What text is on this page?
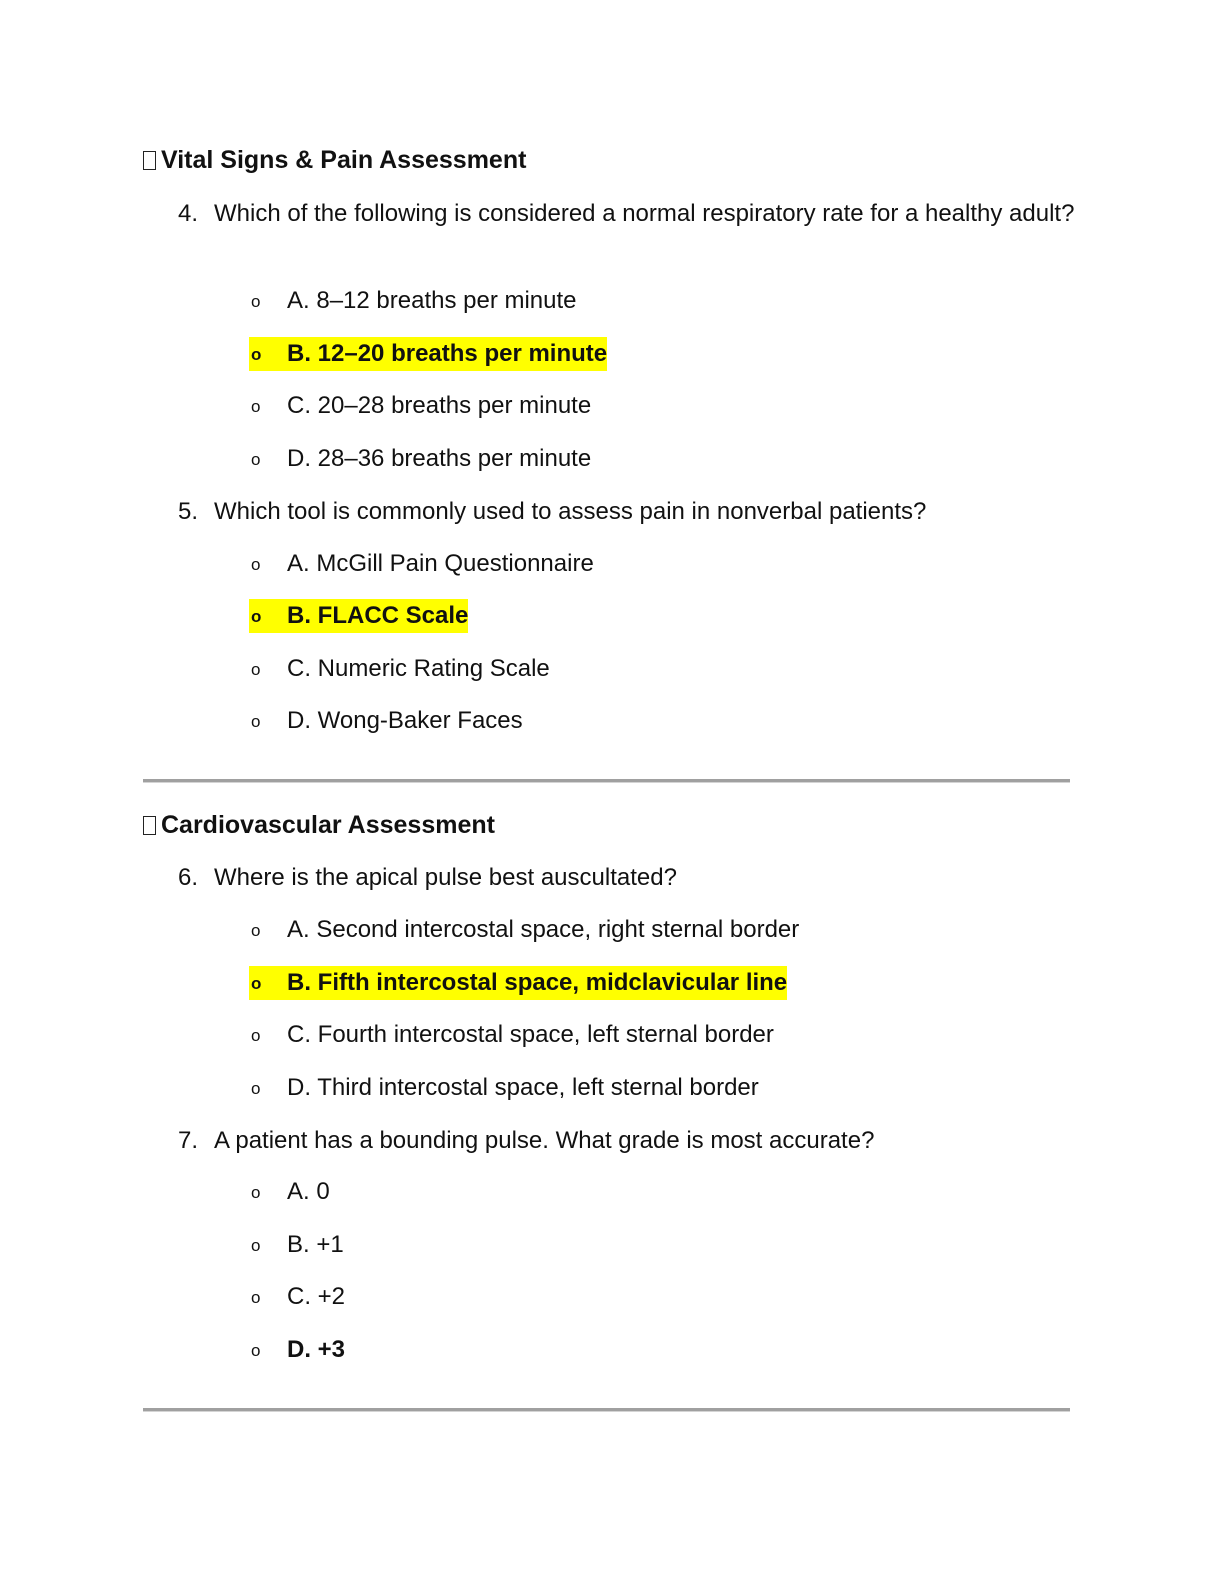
Vital Signs & Pain Assessment
4. Which of the following is considered a normal respiratory rate for a healthy adult?
o A. 8–12 breaths per minute
o B. 12–20 breaths per minute
o C. 20–28 breaths per minute
o D. 28–36 breaths per minute
5. Which tool is commonly used to assess pain in nonverbal patients?
o A. McGill Pain Questionnaire
o B. FLACC Scale
o C. Numeric Rating Scale
o D. Wong-Baker Faces
Cardiovascular Assessment
6. Where is the apical pulse best auscultated?
o A. Second intercostal space, right sternal border
o B. Fifth intercostal space, midclavicular line
o C. Fourth intercostal space, left sternal border
o D. Third intercostal space, left sternal border
7. A patient has a bounding pulse. What grade is most accurate?
o A. 0
o B. +1
o C. +2
o D. +3
